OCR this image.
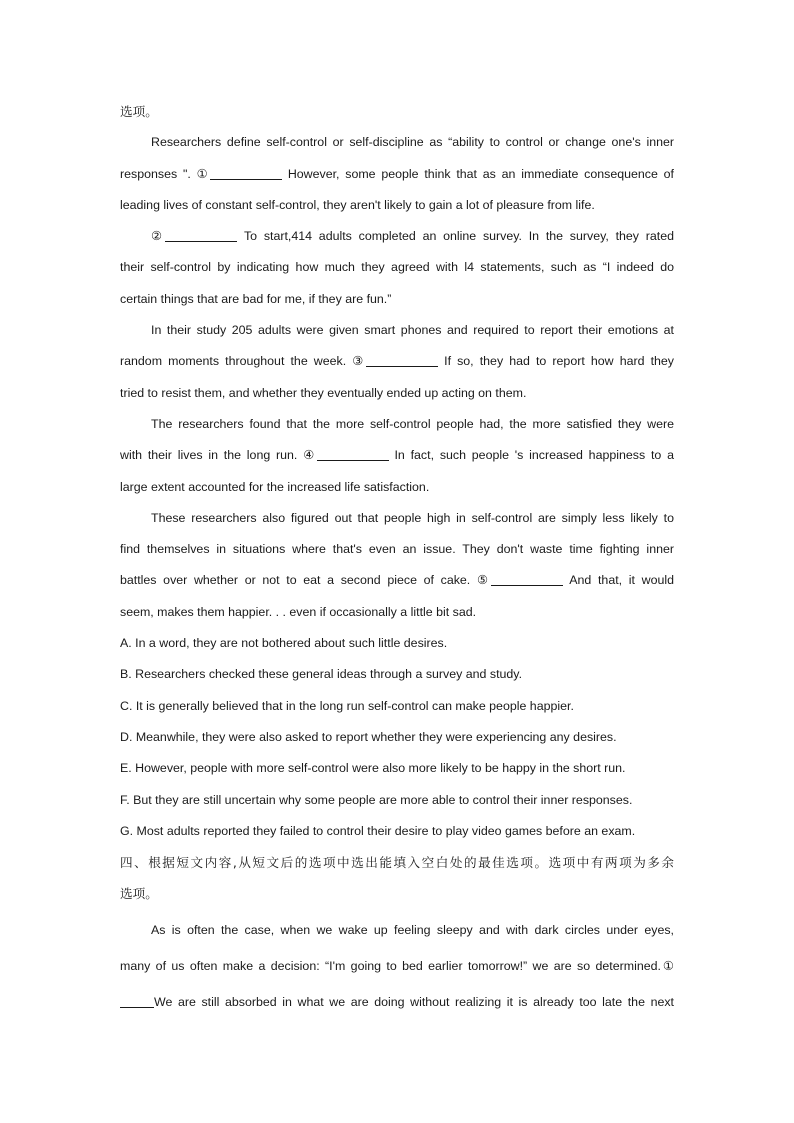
选项。
Researchers define self-control or self-discipline as “ability to control or change one's inner
responses ". ①	However, some people think that as an immediate consequence of
leading lives of constant self-control, they aren't likely to gain a lot of pleasure from life.
②	To start,414 adults completed an online survey. In the survey, they rated
their self-control by indicating how much they agreed with l4 statements, such as “I indeed do
certain things that are bad for me, if they are fun.”
In their study 205 adults were given smart phones and required to report their emotions at
random moments throughout the week. ③	If so, they had to report how hard they
tried to resist them, and whether they eventually ended up acting on them.
The researchers found that the more self-control people had, the more satisfied they were
with their lives in the long run. ④	In fact, such people 's increased happiness to a
large extent accounted for the increased life satisfaction.
These researchers also figured out that people high in self-control are simply less likely to
find themselves in situations where that's even an issue. They don't waste time fighting inner
battles over whether or not to eat a second piece of cake. ⑤	And that, it would
seem, makes them happier. . . even if occasionally a little bit sad.
A. In a word, they are not bothered about such little desires.
B. Researchers checked these general ideas through a survey and study.
C. It is generally believed that in the long run self-control can make people happier.
D. Meanwhile, they were also asked to report whether they were experiencing any desires.
E. However, people with more self-control were also more likely to be happy in the short run.
F. But they are still uncertain why some people are more able to control their inner responses.
G. Most adults reported they failed to control their desire to play video games before an exam.
四、根据短文内容,从短文后的选项中选出能填入空白处的最佳选项。选项中有两项为多余
选项。
As is often the case, when we wake up feeling sleepy and with dark circles under eyes,
many of us often make a decision: “I'm going to bed earlier tomorrow!” we are so determined.①
We are still absorbed in what we are doing without realizing it is already too late the next
